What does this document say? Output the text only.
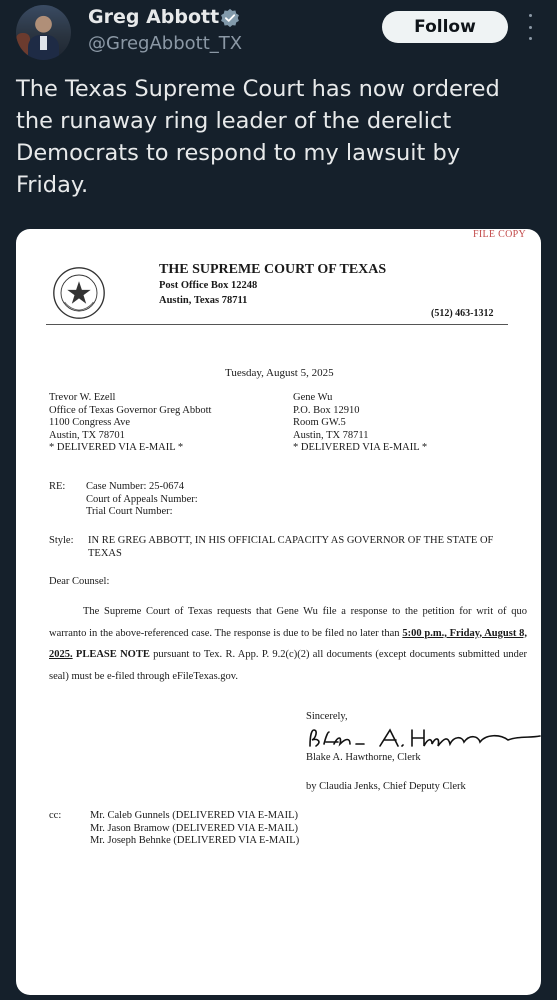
Greg Abbott
@GregAbbott_TX
Follow
The Texas Supreme Court has now ordered the runaway ring leader of the derelict Democrats to respond to my lawsuit by Friday.
FILE COPY
THE SUPREME COURT OF TEXAS
Post Office Box 12248
Austin, Texas 78711
(512) 463-1312
Tuesday, August 5, 2025
Trevor W. Ezell
Office of Texas Governor Greg Abbott
1100 Congress Ave
Austin, TX 78701
* DELIVERED VIA E-MAIL *
Gene Wu
P.O. Box 12910
Room GW.5
Austin, TX 78711
* DELIVERED VIA E-MAIL *
RE: Case Number: 25-0674
Court of Appeals Number:
Trial Court Number:
Style: IN RE GREG ABBOTT, IN HIS OFFICIAL CAPACITY AS GOVERNOR OF THE STATE OF TEXAS
Dear Counsel:
The Supreme Court of Texas requests that Gene Wu file a response to the petition for writ of quo warranto in the above-referenced case. The response is due to be filed no later than 5:00 p.m., Friday, August 8, 2025. PLEASE NOTE pursuant to Tex. R. App. P. 9.2(c)(2) all documents (except documents submitted under seal) must be e-filed through eFileTexas.gov.
Sincerely,
Blake A. Hawthorne, Clerk
by Claudia Jenks, Chief Deputy Clerk
cc:	Mr. Caleb Gunnels (DELIVERED VIA E-MAIL)
Mr. Jason Bramow (DELIVERED VIA E-MAIL)
Mr. Joseph Behnke (DELIVERED VIA E-MAIL)
